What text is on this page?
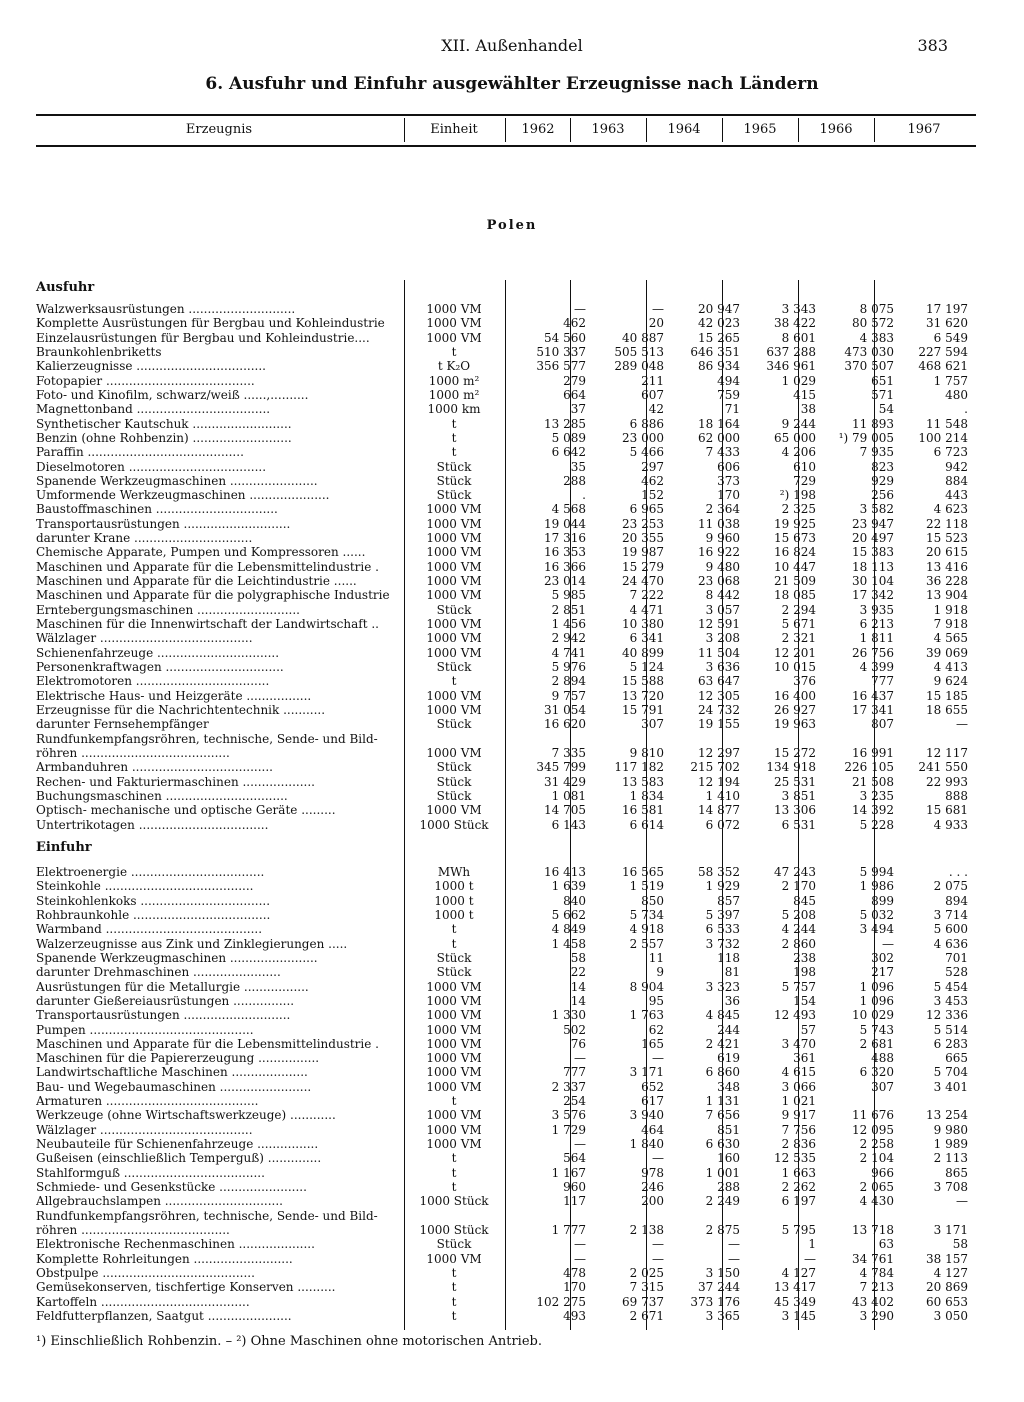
XII. Außenhandel	383
6. Ausfuhr und Einfuhr ausgewählter Erzeugnisse nach Ländern
Erzeugnis	Einheit	1962	1963	1964	1965	1966	1967
Polen
Ausfuhr
Walzwerksausrüstungen ............................	1000 VM	—	—	20 947	3 343	8 075	17 197
Komplette Ausrüstungen für Bergbau und Kohleindustrie	1000 VM	462	20	42 023	38 422	80 572	31 620
Einzelausrüstungen für Bergbau und Kohleindustrie....	1000 VM	54 560	40 887	15 265	8 601	4 383	6 549
Braunkohlenbriketts	t	510 337	505 513	646 351	637 288	473 030	227 594
Kalierzeugnisse ..................................	t K₂O	356 577	289 048	86 934	346 961	370 507	468 621
Fotopapier .......................................	1000 m²	279	211	494	1 029	651	1 757
Foto- und Kinofilm, schwarz/weiß ......,..........	1000 m²	664	607	759	415	571	480
Magnettonband ...................................	1000 km	37	42	71	38	54	.
Synthetischer Kautschuk ..........................	t	13 285	6 886	18 164	9 244	11 893	11 548
Benzin (ohne Rohbenzin) ..........................	t	5 089	23 000	62 000	65 000	¹) 79 005	100 214
Paraffin .........................................	t	6 642	5 466	7 433	4 206	7 935	6 723
Dieselmotoren ....................................	Stück	35	297	606	610	823	942
Spanende Werkzeugmaschinen .......................	Stück	288	462	373	729	929	884
Umformende Werkzeugmaschinen .....................	Stück	.	152	170	²) 198	256	443
Baustoffmaschinen ................................	1000 VM	4 568	6 965	2 364	2 325	3 582	4 623
Transportausrüstungen ............................	1000 VM	19 044	23 253	11 038	19 925	23 947	22 118
darunter Krane ...............................	1000 VM	17 316	20 355	9 960	15 673	20 497	15 523
Chemische Apparate, Pumpen und Kompressoren ......	1000 VM	16 353	19 987	16 922	16 824	15 383	20 615
Maschinen und Apparate für die Lebensmittelindustrie .	1000 VM	16 366	15 279	9 480	10 447	18 113	13 416
Maschinen und Apparate für die Leichtindustrie ......	1000 VM	23 014	24 470	23 068	21 509	30 104	36 228
Maschinen und Apparate für die polygraphische Industrie	1000 VM	5 985	7 222	8 442	18 085	17 342	13 904
Erntebergungsmaschinen ...........................	Stück	2 851	4 471	3 057	2 294	3 935	1 918
Maschinen für die Innenwirtschaft der Landwirtschaft ..	1000 VM	1 456	10 380	12 591	5 671	6 213	7 918
Wälzlager ........................................	1000 VM	2 942	6 341	3 208	2 321	1 811	4 565
Schienenfahrzeuge ................................	1000 VM	4 741	40 899	11 504	12 201	26 756	39 069
Personenkraftwagen ...............................	Stück	5 976	5 124	3 636	10 015	4 399	4 413
Elektromotoren ...................................	t	2 894	15 588	63 647	376	777	9 624
Elektrische Haus- und Heizgeräte .................	1000 VM	9 757	13 720	12 305	16 400	16 437	15 185
Erzeugnisse für die Nachrichtentechnik ...........	1000 VM	31 054	15 791	24 732	26 927	17 341	18 655
darunter Fernsehempfänger	Stück	16 620	307	19 155	19 963	807	—
Rundfunkempfangsröhren, technische, Sende- und Bild-
röhren .......................................	1000 VM	7 335	9 810	12 297	15 272	16 991	12 117
Armbanduhren .....................................	Stück	345 799	117 182	215 702	134 918	226 105	241 550
Rechen- und Fakturiermaschinen ...................	Stück	31 429	13 583	12 194	25 531	21 508	22 993
Buchungsmaschinen ................................	Stück	1 081	1 834	1 410	3 851	3 235	888
Optisch- mechanische und optische Geräte .........	1000 VM	14 705	16 581	14 877	13 306	14 392	15 681
Untertrikotagen ..................................	1000 Stück	6 143	6 614	6 072	6 531	5 228	4 933
Einfuhr
Elektroenergie ...................................	MWh	16 413	16 565	58 352	47 243	5 994	. . .
Steinkohle .......................................	1000 t	1 639	1 519	1 929	2 170	1 986	2 075
Steinkohlenkoks ..................................	1000 t	840	850	857	845	899	894
Rohbraunkohle ....................................	1000 t	5 662	5 734	5 397	5 208	5 032	3 714
Warmband .........................................	t	4 849	4 918	6 533	4 244	3 494	5 600
Walzerzeugnisse aus Zink und Zinklegierungen .....	t	1 458	2 557	3 732	2 860	—	4 636
Spanende Werkzeugmaschinen .......................	Stück	58	11	118	238	302	701
darunter Drehmaschinen .......................	Stück	22	9	81	198	217	528
Ausrüstungen für die Metallurgie .................	1000 VM	14	8 904	3 323	5 757	1 096	5 454
darunter Gießereiausrüstungen ................	1000 VM	14	95	36	154	1 096	3 453
Transportausrüstungen ............................	1000 VM	1 330	1 763	4 845	12 493	10 029	12 336
Pumpen ...........................................	1000 VM	502	62	244	57	5 743	5 514
Maschinen und Apparate für die Lebensmittelindustrie .	1000 VM	76	165	2 421	3 470	2 681	6 283
Maschinen für die Papiererzeugung ................	1000 VM	—	—	619	361	488	665
Landwirtschaftliche Maschinen ....................	1000 VM	777	3 171	6 860	4 615	6 320	5 704
Bau- und Wegebaumaschinen ........................	1000 VM	2 337	652	348	3 066	307	3 401
Armaturen ........................................	t	254	617	1 131	1 021
Werkzeuge (ohne Wirtschaftswerkzeuge) ............	1000 VM	3 576	3 940	7 656	9 917	11 676	13 254
Wälzlager ........................................	1000 VM	1 729	464	851	7 756	12 095	9 980
Neubauteile für Schienenfahrzeuge ................	1000 VM	—	1 840	6 630	2 836	2 258	1 989
Gußeisen (einschließlich Temperguß) ..............	t	564	—	160	12 535	2 104	2 113
Stahlformguß .....................................	t	1 167	978	1 001	1 663	966	865
Schmiede- und Gesenkstücke .......................	t	960	246	288	2 262	2 065	3 708
Allgebrauchslampen ...............................	1000 Stück	117	200	2 249	6 197	4 430	—
Rundfunkempfangsröhren, technische, Sende- und Bild-
röhren .......................................	1000 Stück	1 777	2 138	2 875	5 795	13 718	3 171
Elektronische Rechenmaschinen ....................	Stück	—	—	—	1	63	58
Komplette Rohrleitungen ..........................	1000 VM	—	—	—	—	34 761	38 157
Obstpulpe ........................................	t	478	2 025	3 150	4 127	4 784	4 127
Gemüsekonserven, tischfertige Konserven ..........	t	170	7 315	37 244	13 417	7 213	20 869
Kartoffeln .......................................	t	102 275	69 737	373 176	45 349	43 402	60 653
Feldfutterpflanzen, Saatgut ......................	t	493	2 671	3 365	3 145	3 290	3 050
¹) Einschließlich Rohbenzin. – ²) Ohne Maschinen ohne motorischen Antrieb.
